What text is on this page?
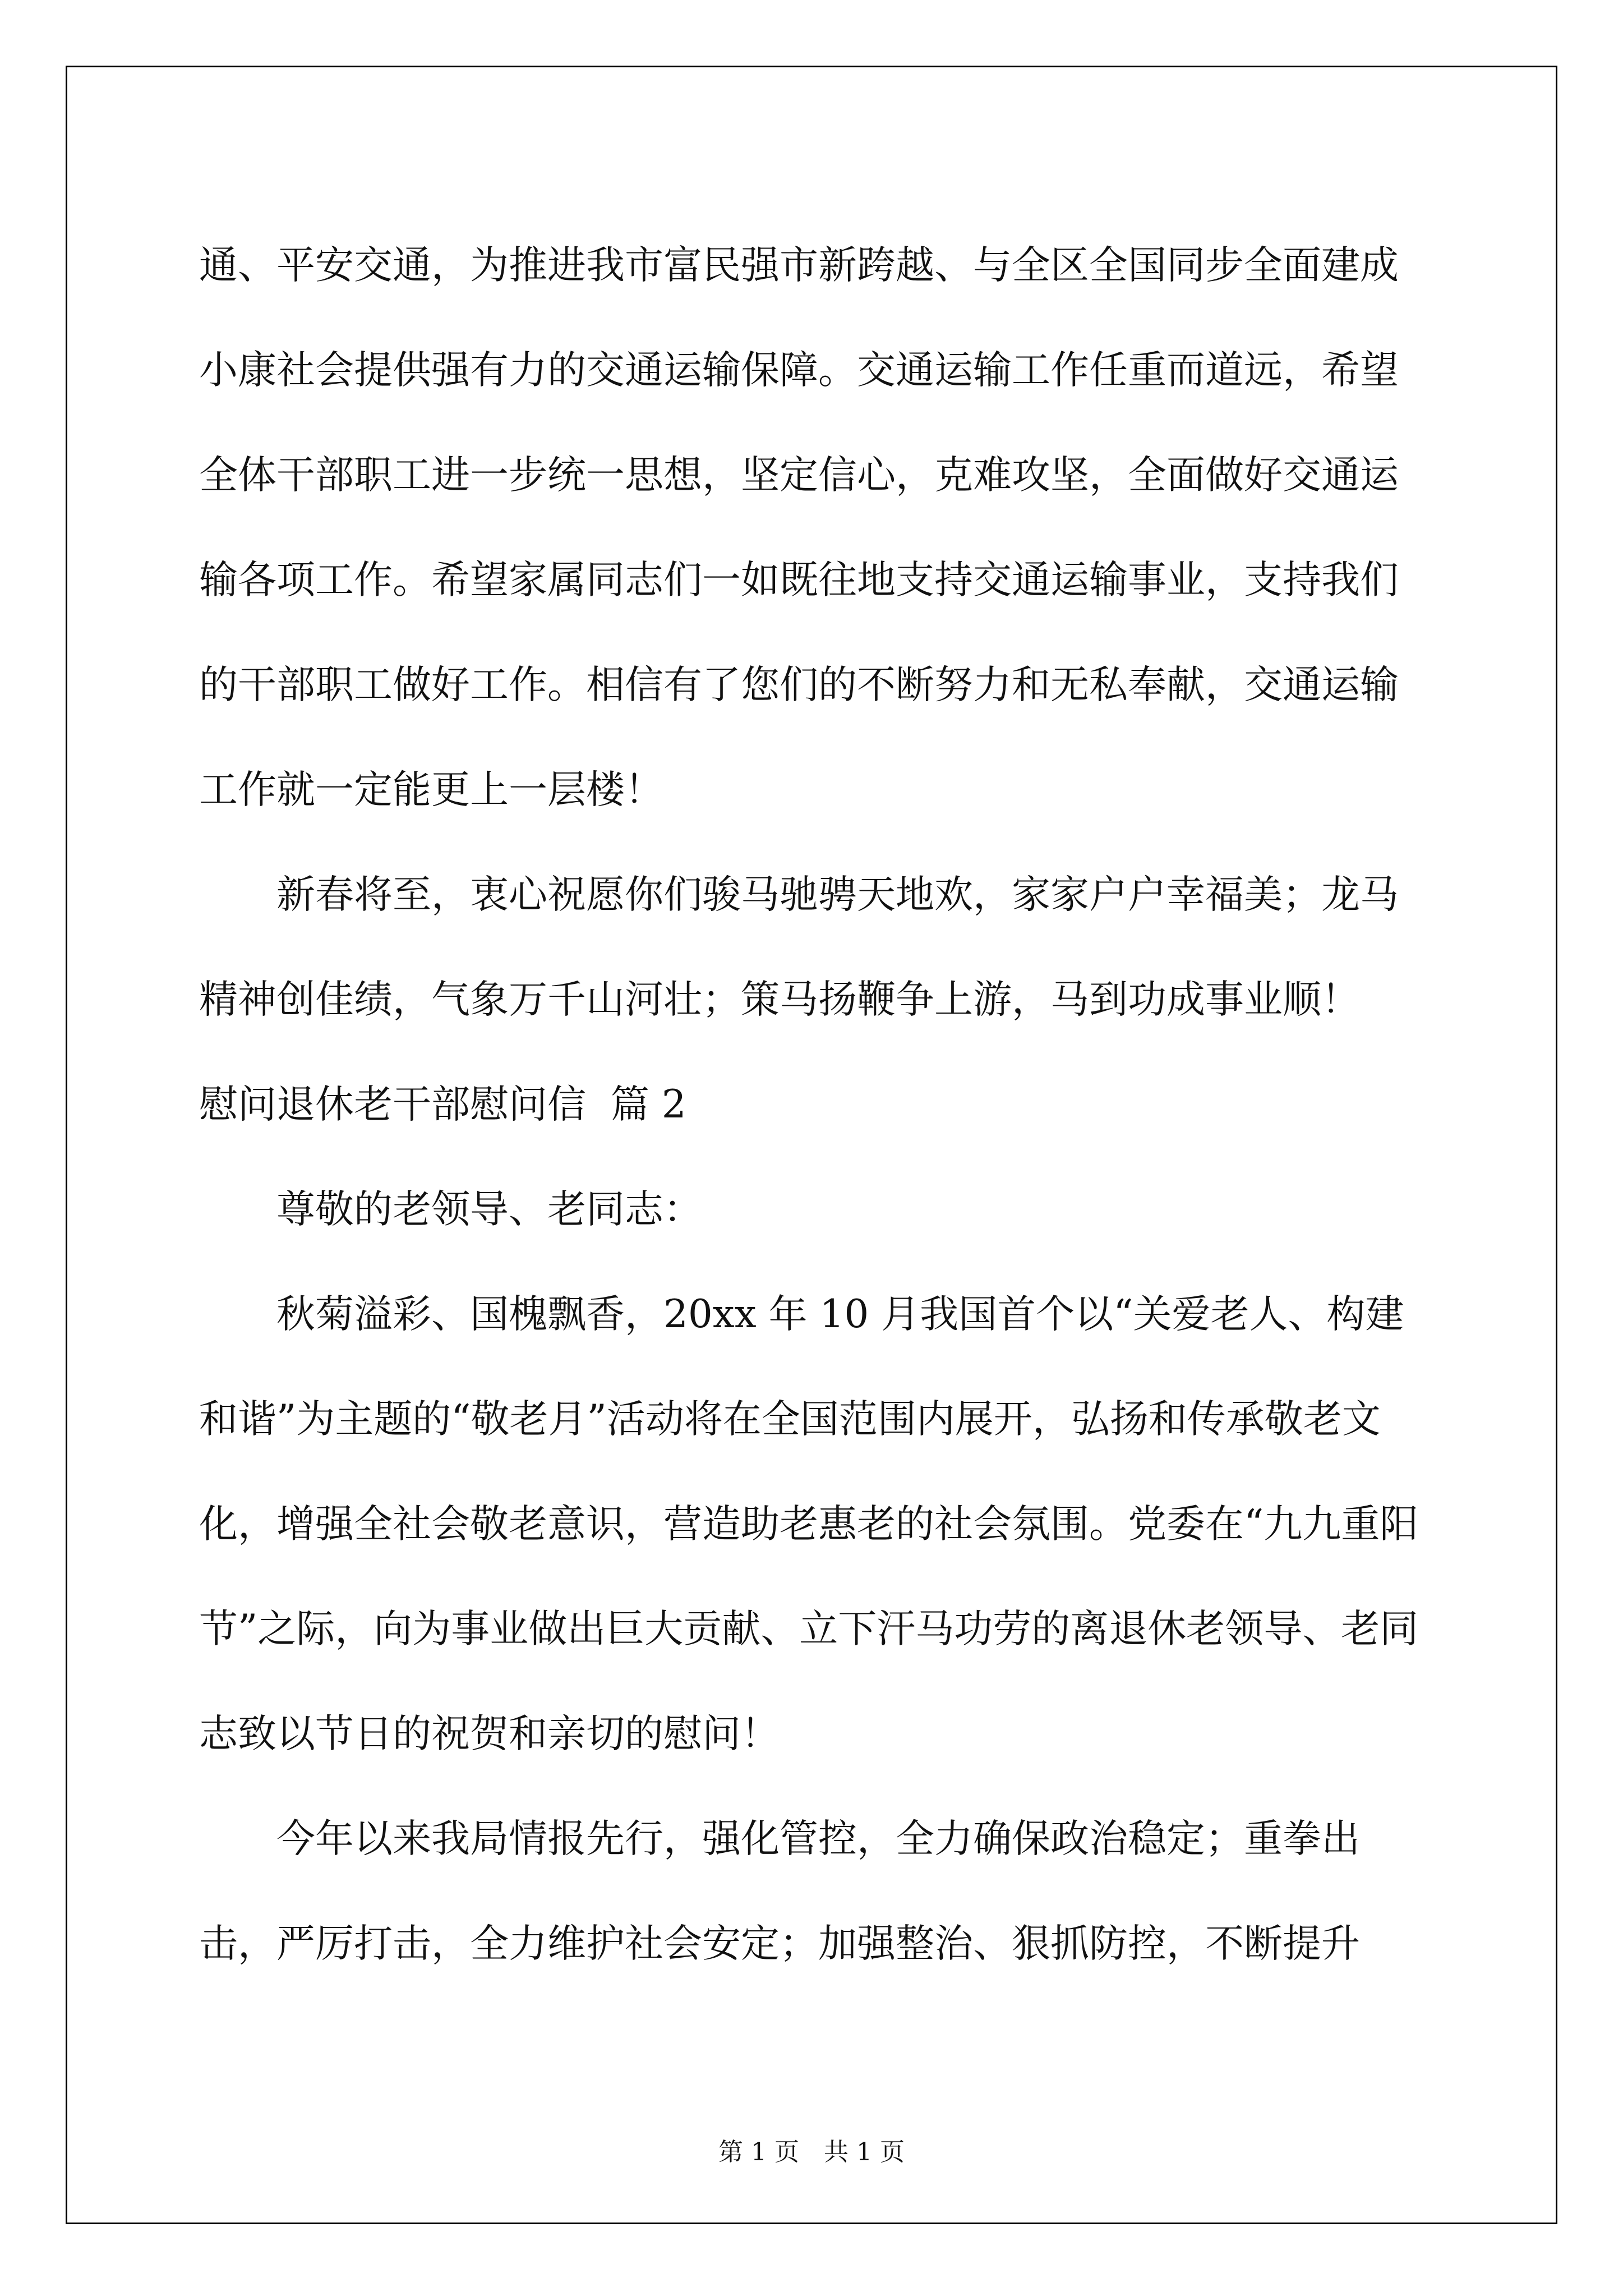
通、平安交通，为推进我市富民强市新跨越、与全区全国同步全面建成小康社会提供强有力的交通运输保障。交通运输工作任重而道远，希望全体干部职工进一步统一思想，坚定信心，克难攻坚，全面做好交通运输各项工作。希望家属同志们一如既往地支持交通运输事业，支持我们的干部职工做好工作。相信有了您们的不断努力和无私奉献，交通运输工作就一定能更上一层楼！

新春将至，衷心祝愿你们骏马驰骋天地欢，家家户户幸福美；龙马精神创佳绩，气象万千山河壮；策马扬鞭争上游，马到功成事业顺！

慰问退休老干部慰问信  篇 2

尊敬的老领导、老同志：

秋菊溢彩、国槐飘香，20xx 年 10 月我国首个以“关爱老人、构建和谐”为主题的“敬老月”活动将在全国范围内展开，弘扬和传承敬老文化，增强全社会敬老意识，营造助老惠老的社会氛围。党委在“九九重阳节”之际，向为事业做出巨大贡献、立下汗马功劳的离退休老领导、老同志致以节日的祝贺和亲切的慰问！

今年以来我局情报先行，强化管控，全力确保政治稳定；重拳出击，严厉打击，全力维护社会安定；加强整治、狠抓防控，不断提升

第 1 页　共 1 页
